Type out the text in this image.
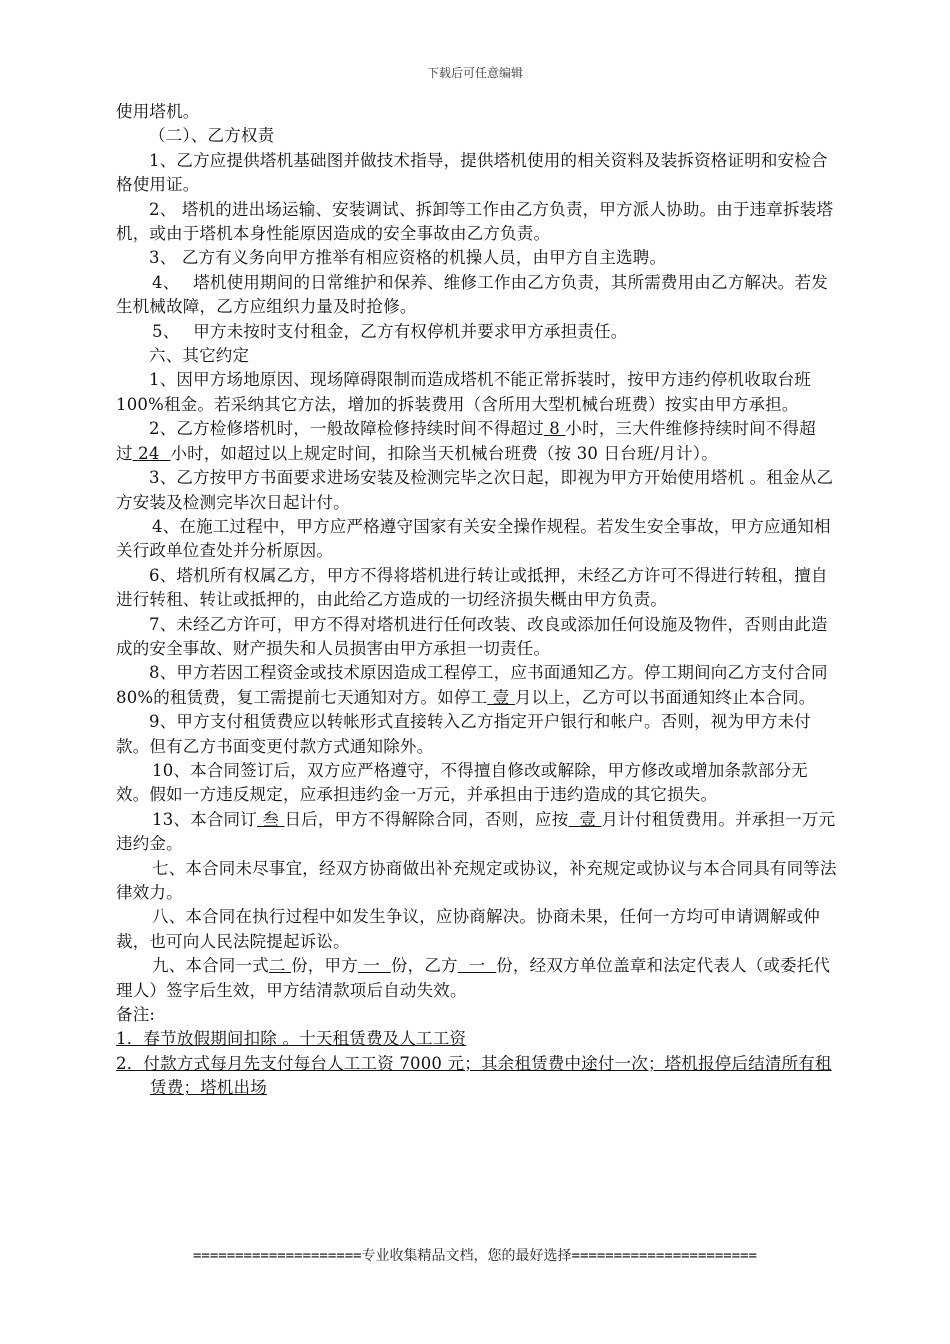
下载后可任意编辑

使用塔机。

（二）、乙方权责

1、乙方应提供塔机基础图并做技术指导，提供塔机使用的相关资料及装拆资格证明和安检合格使用证。

2、 塔机的进出场运输、安装调试、拆卸等工作由乙方负责，甲方派人协助。由于违章拆装塔机，或由于塔机本身性能原因造成的安全事故由乙方负责。

3、 乙方有义务向甲方推举有相应资格的机操人员，由甲方自主选聘。

4、　 塔机使用期间的日常维护和保养、维修工作由乙方负责，其所需费用由乙方解决。若发生机械故障，乙方应组织力量及时抢修。

5、　 甲方未按时支付租金，乙方有权停机并要求甲方承担责任。

六、其它约定

1、因甲方场地原因、现场障碍限制而造成塔机不能正常拆装时，按甲方违约停机收取台班 100%租金。若采纳其它方法，增加的拆装费用（含所用大型机械台班费）按实由甲方承担。

2、乙方检修塔机时，一般故障检修持续时间不得超过 8 小时，三大件维修持续时间不得超过 24 小时，如超过以上规定时间，扣除当天机械台班费（按 30 日台班/月计）。

3、乙方按甲方书面要求进场安装及检测完毕之次日起，即视为甲方开始使用塔机 。租金从乙方安装及检测完毕次日起计付。

4、在施工过程中，甲方应严格遵守国家有关安全操作规程。若发生安全事故，甲方应通知相关行政单位查处并分析原因。

6、塔机所有权属乙方，甲方不得将塔机进行转让或抵押，未经乙方许可不得进行转租，擅自进行转租、转让或抵押的，由此给乙方造成的一切经济损失概由甲方负责。

7、未经乙方许可，甲方不得对塔机进行任何改装、改良或添加任何设施及物件，否则由此造成的安全事故、财产损失和人员损害由甲方承担一切责任。

8、甲方若因工程资金或技术原因造成工程停工，应书面通知乙方。停工期间向乙方支付合同 80%的租赁费，复工需提前七天通知对方。如停工 壹 月以上，乙方可以书面通知终止本合同。

9、甲方支付租赁费应以转帐形式直接转入乙方指定开户银行和帐户。否则，视为甲方未付款。但有乙方书面变更付款方式通知除外。

10、本合同签订后，双方应严格遵守，不得擅自修改或解除，甲方修改或增加条款部分无效。假如一方违反规定，应承担违约金一万元，并承担由于违约造成的其它损失。

13、本合同订 叁 日后，甲方不得解除合同，否则，应按 壹 月计付租赁费用。并承担一万元违约金。

七、本合同未尽事宜，经双方协商做出补充规定或协议，补充规定或协议与本合同具有同等法律效力。

八、本合同在执行过程中如发生争议，应协商解决。协商未果，任何一方均可申请调解或仲裁，也可向人民法院提起诉讼。

九、本合同一式二 份，甲方 一 份，乙方 一 份，经双方单位盖章和法定代表人（或委托代理人）签字后生效，甲方结清款项后自动失效。

备注:

1．春节放假期间扣除 。十天租赁费及人工工资

2．付款方式每月先支付每台人工工资 7000 元；其余租赁费中途付一次；塔机报停后结清所有租赁费；塔机出场

====================专业收集精品文档，您的最好选择======================
